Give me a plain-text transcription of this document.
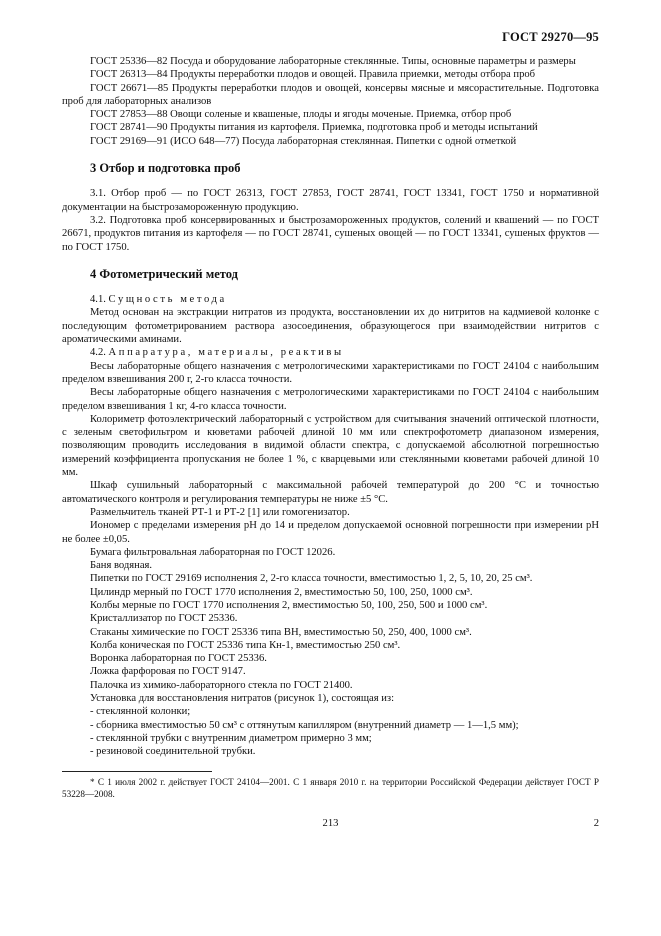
ГОСТ 29270—95

ГОСТ 25336—82 Посуда и оборудование лабораторные стеклянные. Типы, основные параметры и размеры

ГОСТ 26313—84 Продукты переработки плодов и овощей. Правила приемки, методы отбора проб

ГОСТ 26671—85 Продукты переработки плодов и овощей, консервы мясные и мясорастительные. Подготовка проб для лабораторных анализов

ГОСТ 27853—88 Овощи соленые и квашеные, плоды и ягоды моченые. Приемка, отбор проб

ГОСТ 28741—90 Продукты питания из картофеля. Приемка, подготовка проб и методы испытаний

ГОСТ 29169—91 (ИСО 648—77) Посуда лабораторная стеклянная. Пипетки с одной отметкой

3 Отбор и подготовка проб

3.1. Отбор проб — по ГОСТ 26313, ГОСТ 27853, ГОСТ 28741, ГОСТ 13341, ГОСТ 1750 и нормативной документации на быстрозамороженную продукцию.

3.2. Подготовка проб консервированных и быстрозамороженных продуктов, солений и квашений — по ГОСТ 26671, продуктов питания из картофеля — по ГОСТ 28741, сушеных овощей — по ГОСТ 13341, сушеных фруктов — по ГОСТ 1750.

4 Фотометрический метод

4.1. Сущность метода

Метод основан на экстракции нитратов из продукта, восстановлении их до нитритов на кадмиевой колонке с последующим фотометрированием раствора азосоединения, образующегося при взаимодействии нитритов с ароматическими аминами.

4.2. Аппаратура, материалы, реактивы

Весы лабораторные общего назначения с метрологическими характеристиками по ГОСТ 24104 с наибольшим пределом взвешивания 200 г, 2-го класса точности.

Весы лабораторные общего назначения с метрологическими характеристиками по ГОСТ 24104 с наибольшим пределом взвешивания 1 кг, 4-го класса точности.

Колориметр фотоэлектрический лабораторный с устройством для считывания значений оптической плотности, с зеленым светофильтром и кюветами рабочей длиной 10 мм или спектрофотометр диапазоном измерения, позволяющим проводить исследования в видимой области спектра, с допускаемой абсолютной погрешностью измерений коэффициента пропускания не более 1 %, с кварцевыми или стеклянными кюветами рабочей длиной 10 мм.

Шкаф сушильный лабораторный с максимальной рабочей температурой до 200 °С и точностью автоматического контроля и регулирования температуры не ниже ±5 °С.

Размельчитель тканей РТ-1 и РТ-2 [1] или гомогенизатор.

Иономер с пределами измерения рН до 14 и пределом допускаемой основной погрешности при измерении рН не более ±0,05.

Бумага фильтровальная лабораторная по ГОСТ 12026.

Баня водяная.

Пипетки по ГОСТ 29169 исполнения 2, 2-го класса точности, вместимостью 1, 2, 5, 10, 20, 25 см³.

Цилиндр мерный по ГОСТ 1770 исполнения 2, вместимостью 50, 100, 250, 1000 см³.

Колбы мерные по ГОСТ 1770 исполнения 2, вместимостью 50, 100, 250, 500 и 1000 см³.

Кристаллизатор по ГОСТ 25336.

Стаканы химические по ГОСТ 25336 типа ВН, вместимостью 50, 250, 400, 1000 см³.

Колба коническая по ГОСТ 25336 типа Кн-1, вместимостью 250 см³.

Воронка лабораторная по ГОСТ 25336.

Ложка фарфоровая по ГОСТ 9147.

Палочка из химико-лабораторного стекла по ГОСТ 21400.

Установка для восстановления нитратов (рисунок 1), состоящая из:

- стеклянной колонки;

- сборника вместимостью 50 см³ с оттянутым капилляром (внутренний диаметр — 1—1,5 мм);

- стеклянной трубки с внутренним диаметром примерно 3 мм;

- резиновой соединительной трубки.

* С 1 июля 2002 г. действует ГОСТ 24104—2001. С 1 января 2010 г. на территории Российской Федерации действует ГОСТ Р 53228—2008.
213	2
